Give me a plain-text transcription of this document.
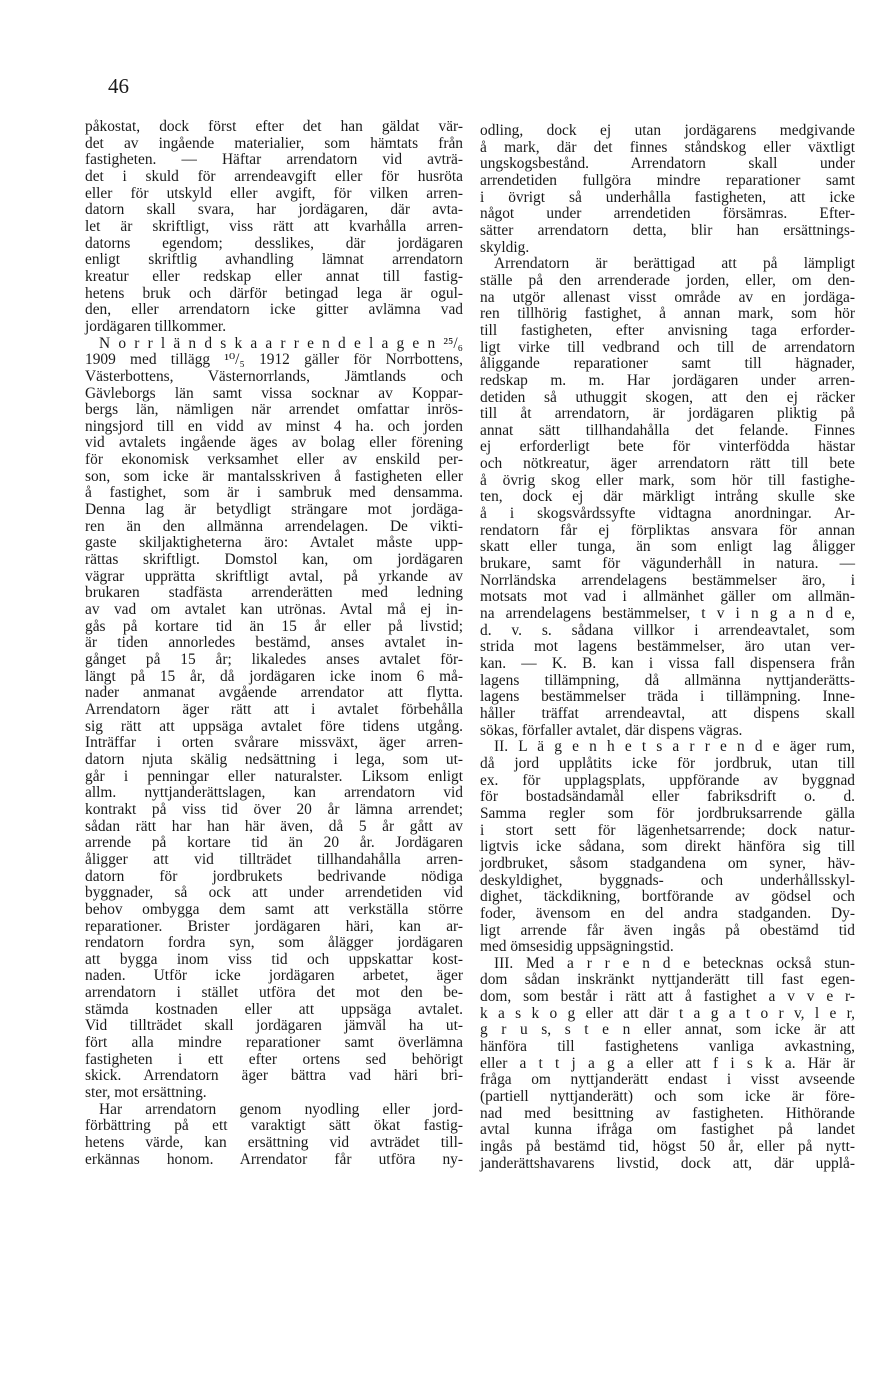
46
påkostat, dock först efter det han gäldat vär-
det av ingående materialier, som hämtats från
fastigheten. — Häftar arrendatorn vid avträ-
det i skuld för arrendeavgift eller för husröta
eller för utskyld eller avgift, för vilken arren-
datorn skall svara, har jordägaren, där avta-
let är skriftligt, viss rätt att kvarhålla arren-
datorns egendom; desslikes, där jordägaren
enligt skriftlig avhandling lämnat arrendatorn
kreatur eller redskap eller annat till fastig-
hetens bruk och därför betingad lega är ogul-
den, eller arrendatorn icke gitter avlämna vad
jordägaren tillkommer.
N o r r l ä n d s k a a r r e n d e l a g e n ²⁵/₆
1909 med tillägg ¹⁰/₅ 1912 gäller för Norrbottens,
Västerbottens, Västernorrlands, Jämtlands och
Gävleborgs län samt vissa socknar av Koppar-
bergs län, nämligen när arrendet omfattar inrös-
ningsjord till en vidd av minst 4 ha. och jorden
vid avtalets ingående äges av bolag eller förening
för ekonomisk verksamhet eller av enskild per-
son, som icke är mantalsskriven å fastigheten eller
å fastighet, som är i sambruk med densamma.
Denna lag är betydligt strängare mot jordäga-
ren än den allmänna arrendelagen. De vikti-
gaste skiljaktigheterna äro: Avtalet måste upp-
rättas skriftligt. Domstol kan, om jordägaren
vägrar upprätta skriftligt avtal, på yrkande av
brukaren stadfästa arrenderätten med ledning
av vad om avtalet kan utrönas. Avtal må ej in-
gås på kortare tid än 15 år eller på livstid;
är tiden annorledes bestämd, anses avtalet in-
gånget på 15 år; likaledes anses avtalet för-
längt på 15 år, då jordägaren icke inom 6 må-
nader anmanat avgående arrendator att flytta.
Arrendatorn äger rätt att i avtalet förbehålla
sig rätt att uppsäga avtalet före tidens utgång.
Inträffar i orten svårare missväxt, äger arren-
datorn njuta skälig nedsättning i lega, som ut-
går i penningar eller naturalster. Liksom enligt
allm. nyttjanderättslagen, kan arrendatorn vid
kontrakt på viss tid över 20 år lämna arrendet;
sådan rätt har han här även, då 5 år gått av
arrende på kortare tid än 20 år. Jordägaren
åligger att vid tillträdet tillhandahålla arren-
datorn för jordbrukets bedrivande nödiga
byggnader, så ock att under arrendetiden vid
behov ombygga dem samt att verkställa större
reparationer. Brister jordägaren häri, kan ar-
rendatorn fordra syn, som ålägger jordägaren
att bygga inom viss tid och uppskattar kost-
naden. Utför icke jordägaren arbetet, äger
arrendatorn i stället utföra det mot den be-
stämda kostnaden eller att uppsäga avtalet.
Vid tillträdet skall jordägaren jämväl ha ut-
fört alla mindre reparationer samt överlämna
fastigheten i ett efter ortens sed behörigt
skick. Arrendatorn äger bättra vad häri bri-
ster, mot ersättning.
Har arrendatorn genom nyodling eller jord-
förbättring på ett varaktigt sätt ökat fastig-
hetens värde, kan ersättning vid avträdet till-
erkännas honom. Arrendator får utföra ny-
odling, dock ej utan jordägarens medgivande
å mark, där det finnes ståndskog eller växtligt
ungskogsbestånd. Arrendatorn skall under
arrendetiden fullgöra mindre reparationer samt
i övrigt så underhålla fastigheten, att icke
något under arrendetiden försämras. Efter-
sätter arrendatorn detta, blir han ersättnings-
skyldig.
Arrendatorn är berättigad att på lämpligt
ställe på den arrenderade jorden, eller, om den-
na utgör allenast visst område av en jordäga-
ren tillhörig fastighet, å annan mark, som hör
till fastigheten, efter anvisning taga erforder-
ligt virke till vedbrand och till de arrendatorn
åliggande reparationer samt till hägnader,
redskap m. m. Har jordägaren under arren-
detiden så uthuggit skogen, att den ej räcker
till åt arrendatorn, är jordägaren pliktig på
annat sätt tillhandahålla det felande. Finnes
ej erforderligt bete för vinterfödda hästar
och nötkreatur, äger arrendatorn rätt till bete
å övrig skog eller mark, som hör till fastighe-
ten, dock ej där märkligt intrång skulle ske
å i skogsvårdssyfte vidtagna anordningar. Ar-
rendatorn får ej förpliktas ansvara för annan
skatt eller tunga, än som enligt lag åligger
brukare, samt för vägunderhåll in natura. —
Norrländska arrendelagens bestämmelser äro, i
motsats mot vad i allmänhet gäller om allmän-
na arrendelagens bestämmelser, t v i n g a n d e,
d. v. s. sådana villkor i arrendeavtalet, som
strida mot lagens bestämmelser, äro utan ver-
kan. — K. B. kan i vissa fall dispensera från
lagens tillämpning, då allmänna nyttjanderätts-
lagens bestämmelser träda i tillämpning. Inne-
håller träffat arrendeavtal, att dispens skall
sökas, förfaller avtalet, där dispens vägras.
II. L ä g e n h e t s a r r e n d e äger rum,
då jord upplåtits icke för jordbruk, utan till
ex. för upplagsplats, uppförande av byggnad
för bostadsändamål eller fabriksdrift o. d.
Samma regler som för jordbruksarrende gälla
i stort sett för lägenhetsarrende; dock natur-
ligtvis icke sådana, som direkt hänföra sig till
jordbruket, såsom stadgandena om syner, häv-
deskyldighet, byggnads- och underhållsskyl-
dighet, täckdikning, bortförande av gödsel och
foder, ävensom en del andra stadganden. Dy-
ligt arrende får även ingås på obestämd tid
med ömsesidig uppsägningstid.
III. Med a r r e n d e betecknas också stun-
dom sådan inskränkt nyttjanderätt till fast egen-
dom, som består i rätt att å fastighet a v v e r-
k a s k o g eller att där t a g a t o r v, l e r,
g r u s, s t e n eller annat, som icke är att
hänföra till fastighetens vanliga avkastning,
eller a t t j a g a eller att f i s k a. Här är
fråga om nyttjanderätt endast i visst avseende
(partiell nyttjanderätt) och som icke är före-
nad med besittning av fastigheten. Hithörande
avtal kunna ifråga om fastighet på landet
ingås på bestämd tid, högst 50 år, eller på nytt-
janderättshavarens livstid, dock att, där upplå-
